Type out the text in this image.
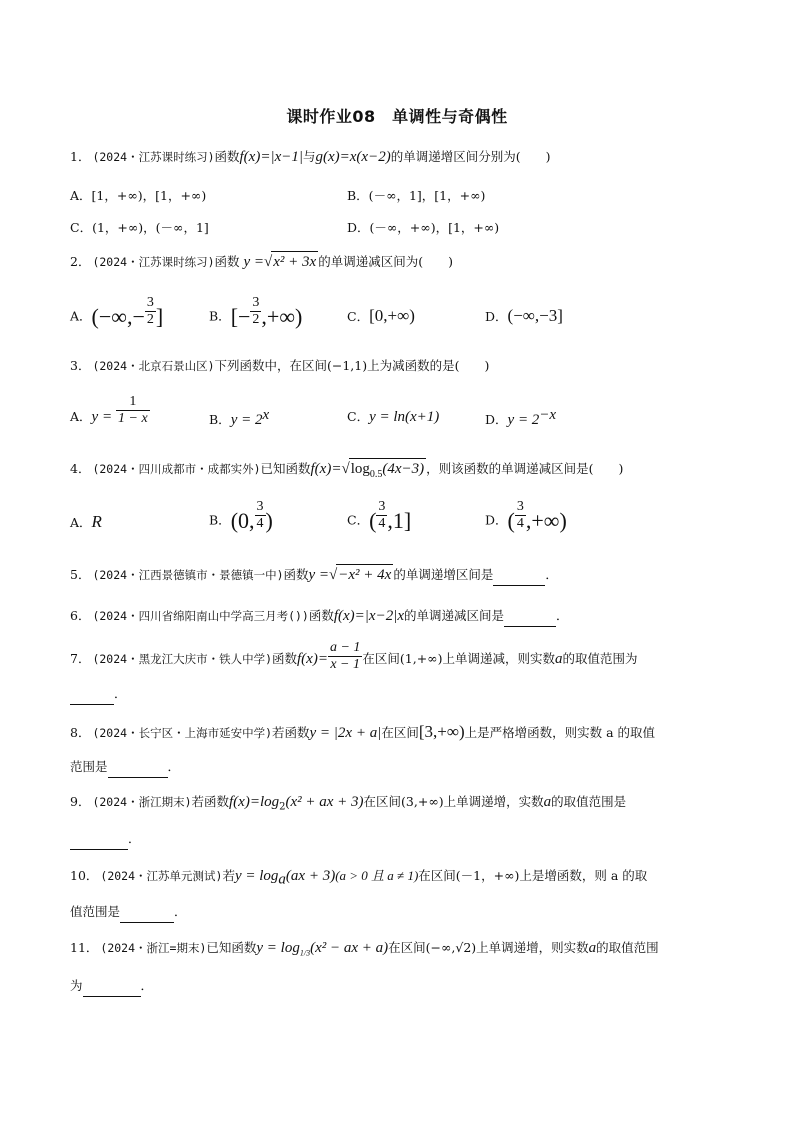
课时作业08　单调性与奇偶性
1． (2024・江苏课时练习)函数f(x)=|x−1|与g(x)=x(x−2)的单调递增区间分别为(　　)
A．[1，+∞)，[1，+∞)	B．(－∞，1]，[1，+∞)
C．(1，+∞)，(－∞，1]	D．(－∞，+∞)，[1，+∞)
2． (2024・江苏课时练习)函数 y =√x² + 3x 的单调递减区间为(　　)
A．(−∞,− $\frac{3}{2}$ ]	B．[− $\frac{3}{2}$ ,+∞)	C．[0,+∞)	D．(−∞,−3]
3． (2024・北京石景山区)下列函数中，在区间(−1,1)上为减函数的是(　　)
A．$y = \frac{1}{1 - x}$	B．$y = 2^x$	C．y = ln(x+1)	D．$y = 2^{-x}$
4． (2024・四川成都市・成都实外)已知函数$f(x)=√\log_{0.5}(4x-3)$ ，则该函数的单调递减区间是(　　)
A．R	B．(0, $\frac{3}{4}$ )	C．( $\frac{3}{4} ,1$]	D．( $\frac{3}{4}$ ,+∞)
5． (2024・江西景德镇市・景德镇一中)函数y =√−x² + 4x 的单调递增区间是	．
6． (2024・四川省绵阳南山中学高三月考())函数f(x)=|x−2|x的单调递减区间是	．
7． (2024・黑龙江大庆市・铁人中学)函数$f(x)= \frac{a - 1}{x - 1}$ 在区间(1,+∞)上单调递减，则实数a的取值范围为
．
8． (2024・长宁区・上海市延安中学)若函数y = |2x + a|在区间[3,+∞)上是严格增函数，则实数 a 的取值
范围是	．
9． (2024・浙江期末)若函数$f(x)=\log_2(x^2$ + ax + 3)在区间(3,+∞)上单调递增，实数a的取值范围是
．
10． (2024・江苏单元测试)若$y = \log_a(ax + 3)(a > 0$ 且 a ≠ 1)在区间(－1，+∞)上是增函数，则 a 的取
值范围是	．
11． (2024・浙江=期末)已知函数$y = \log_{1/3}(x^2$ − ax + a)在区间(−∞,√2)上单调递增，则实数a的取值范围
为	．
